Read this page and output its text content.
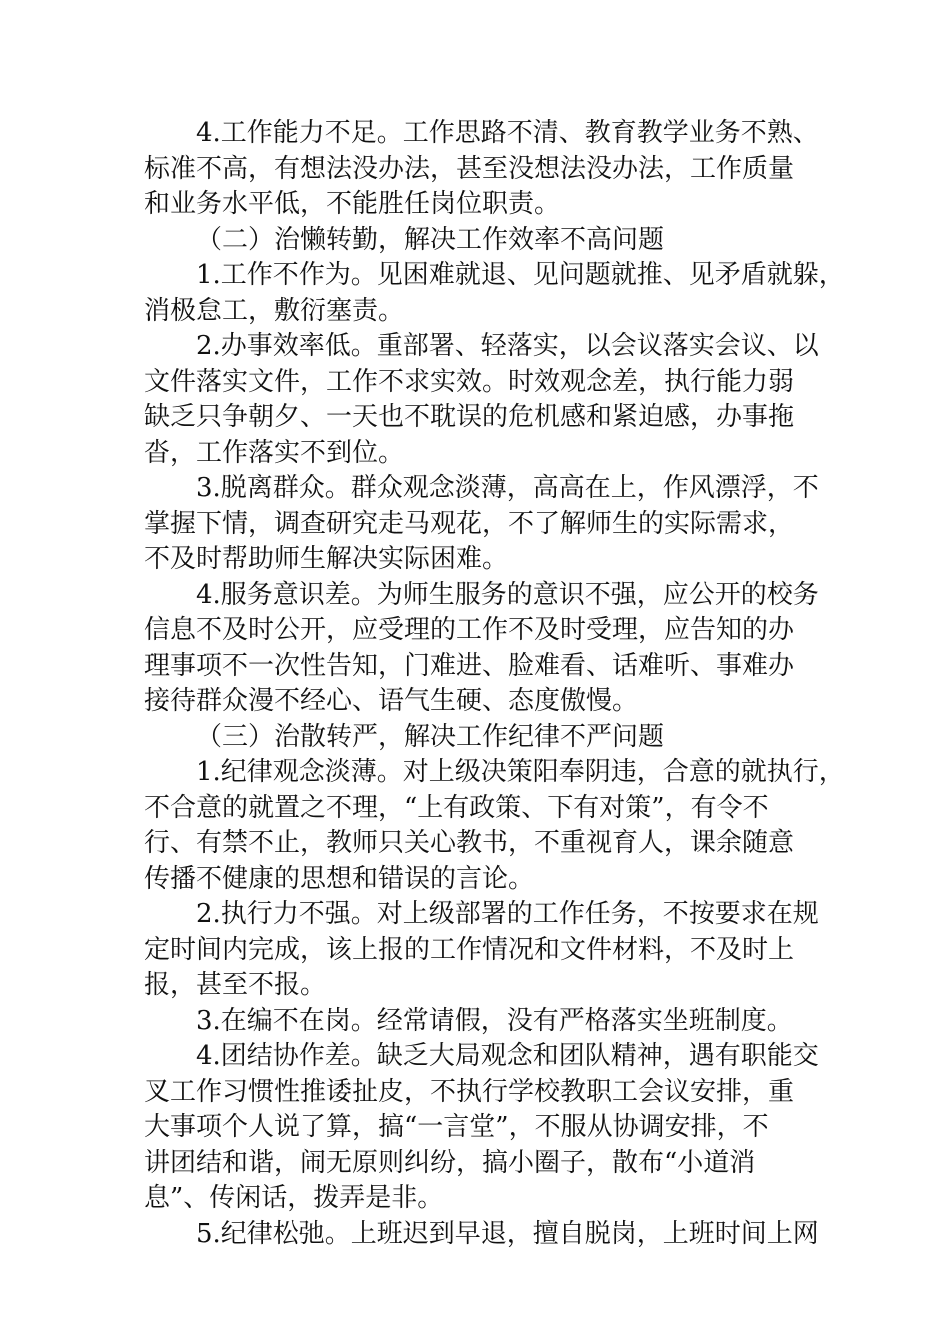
4.工作能力不足。工作思路不清、教育教学业务不熟、
标准不高，有想法没办法，甚至没想法没办法，工作质量
和业务水平低，不能胜任岗位职责。
（二）治懒转勤，解决工作效率不高问题
1.工作不作为。见困难就退、见问题就推、见矛盾就躲，
消极怠工，敷衍塞责。
2.办事效率低。重部署、轻落实，以会议落实会议、以
文件落实文件，工作不求实效。时效观念差，执行能力弱
缺乏只争朝夕、一天也不耽误的危机感和紧迫感，办事拖
沓，工作落实不到位。
3.脱离群众。群众观念淡薄，高高在上，作风漂浮，不
掌握下情，调查研究走马观花，不了解师生的实际需求，
不及时帮助师生解决实际困难。
4.服务意识差。为师生服务的意识不强，应公开的校务
信息不及时公开，应受理的工作不及时受理，应告知的办
理事项不一次性告知，门难进、脸难看、话难听、事难办
接待群众漫不经心、语气生硬、态度傲慢。
（三）治散转严，解决工作纪律不严问题
1.纪律观念淡薄。对上级决策阳奉阴违，合意的就执行，
不合意的就置之不理，“上有政策、下有对策”，有令不
行、有禁不止，教师只关心教书，不重视育人，课余随意
传播不健康的思想和错误的言论。
2.执行力不强。对上级部署的工作任务，不按要求在规
定时间内完成，该上报的工作情况和文件材料，不及时上
报，甚至不报。
3.在编不在岗。经常请假，没有严格落实坐班制度。
4.团结协作差。缺乏大局观念和团队精神，遇有职能交
叉工作习惯性推诿扯皮，不执行学校教职工会议安排，重
大事项个人说了算，搞“一言堂”，不服从协调安排，不
讲团结和谐，闹无原则纠纷，搞小圈子，散布“小道消
息”、传闲话，拨弄是非。
5.纪律松弛。上班迟到早退，擅自脱岗，上班时间上网
